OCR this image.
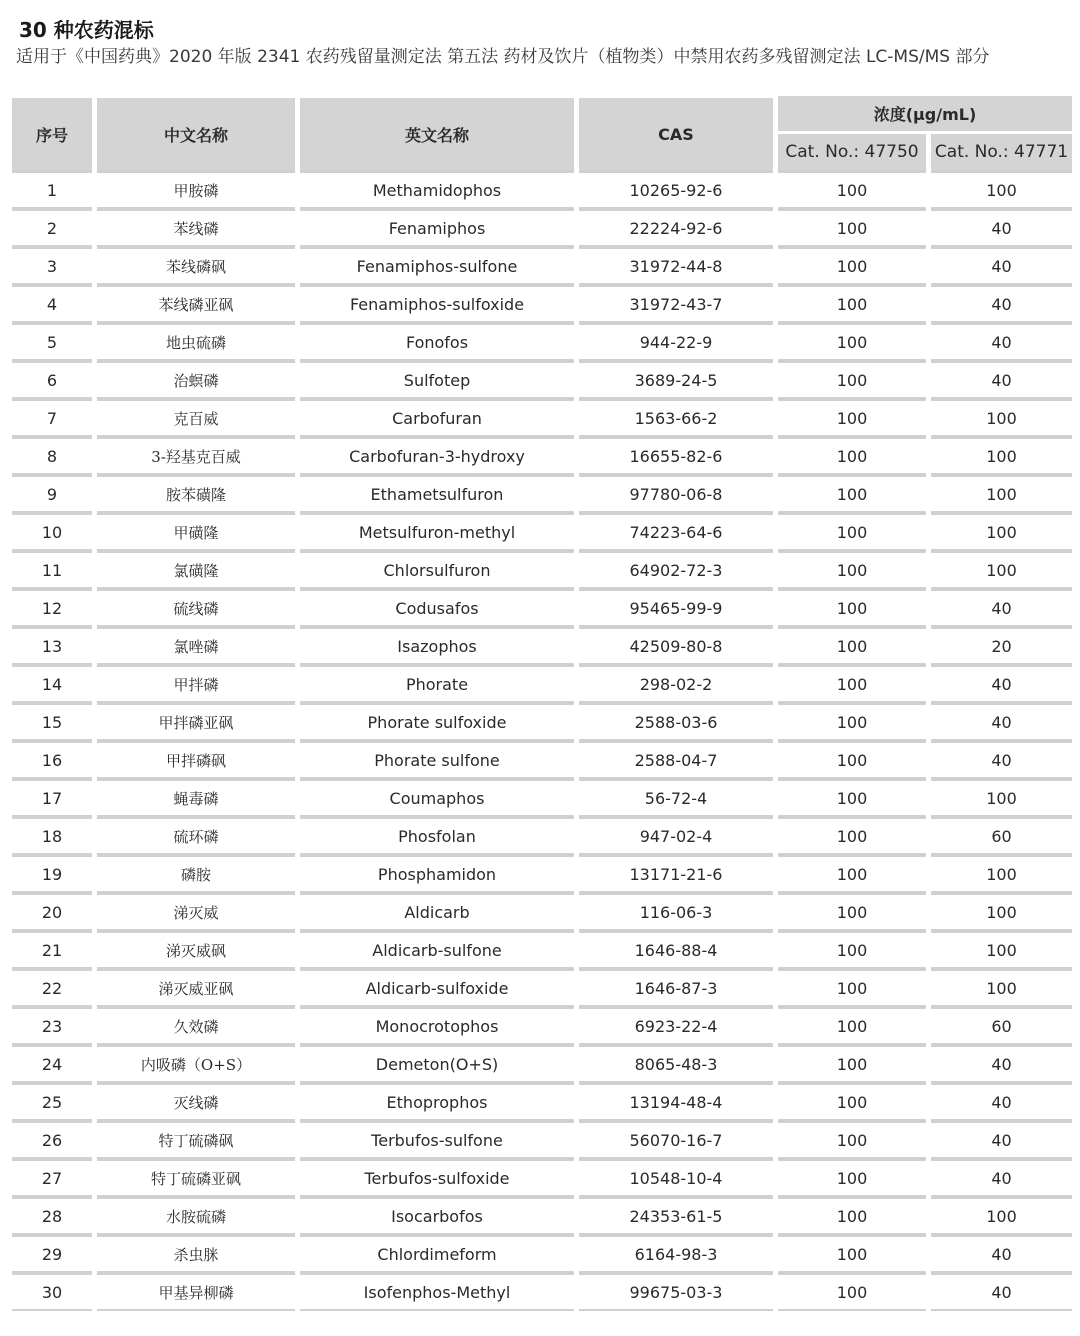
30 种农药混标
适用于《中国药典》2020 年版 2341 农药残留量测定法 第五法 药材及饮片（植物类）中禁用农药多残留测定法 LC-MS/MS 部分
序号	中文名称	英文名称	CAS	浓度(μg/mL)	
				Cat. No.: 47750	Cat. No.: 47771
1	甲胺磷	Methamidophos	10265-92-6	100	100
2	苯线磷	Fenamiphos	22224-92-6	100	40
3	苯线磷砜	Fenamiphos-sulfone	31972-44-8	100	40
4	苯线磷亚砜	Fenamiphos-sulfoxide	31972-43-7	100	40
5	地虫硫磷	Fonofos	944-22-9	100	40
6	治螟磷	Sulfotep	3689-24-5	100	40
7	克百威	Carbofuran	1563-66-2	100	100
8	3-羟基克百威	Carbofuran-3-hydroxy	16655-82-6	100	100
9	胺苯磺隆	Ethametsulfuron	97780-06-8	100	100
10	甲磺隆	Metsulfuron-methyl	74223-64-6	100	100
11	氯磺隆	Chlorsulfuron	64902-72-3	100	100
12	硫线磷	Codusafos	95465-99-9	100	40
13	氯唑磷	Isazophos	42509-80-8	100	20
14	甲拌磷	Phorate	298-02-2	100	40
15	甲拌磷亚砜	Phorate sulfoxide	2588-03-6	100	40
16	甲拌磷砜	Phorate sulfone	2588-04-7	100	40
17	蝇毒磷	Coumaphos	56-72-4	100	100
18	硫环磷	Phosfolan	947-02-4	100	60
19	磷胺	Phosphamidon	13171-21-6	100	100
20	涕灭威	Aldicarb	116-06-3	100	100
21	涕灭威砜	Aldicarb-sulfone	1646-88-4	100	100
22	涕灭威亚砜	Aldicarb-sulfoxide	1646-87-3	100	100
23	久效磷	Monocrotophos	6923-22-4	100	60
24	内吸磷（O+S）	Demeton(O+S)	8065-48-3	100	40
25	灭线磷	Ethoprophos	13194-48-4	100	40
26	特丁硫磷砜	Terbufos-sulfone	56070-16-7	100	40
27	特丁硫磷亚砜	Terbufos-sulfoxide	10548-10-4	100	40
28	水胺硫磷	Isocarbofos	24353-61-5	100	100
29	杀虫脒	Chlordimeform	6164-98-3	100	40
30	甲基异柳磷	Isofenphos-Methyl	99675-03-3	100	40
